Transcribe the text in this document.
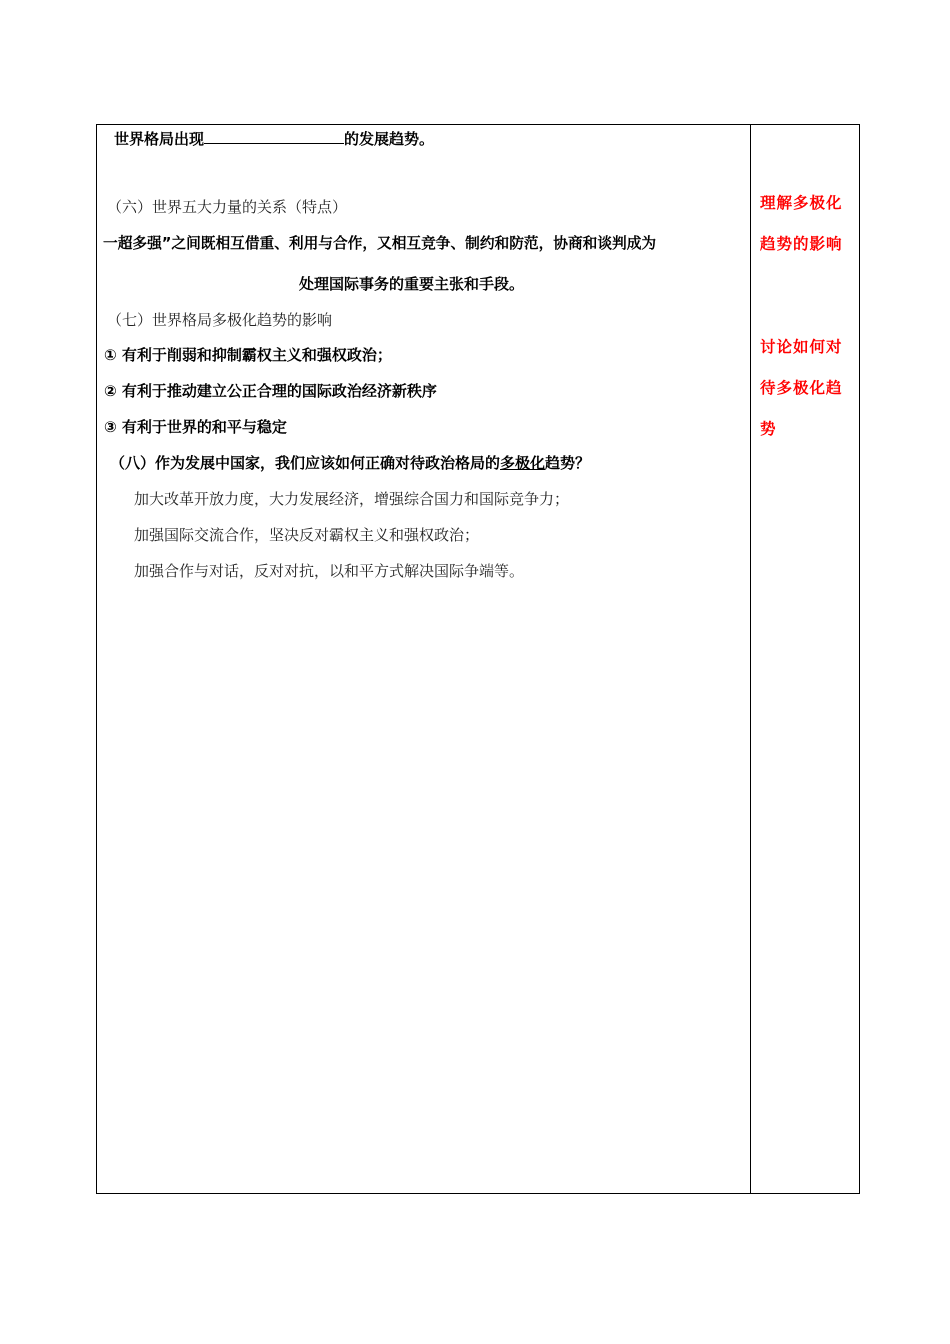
世界格局出现	的发展趋势。
（六）世界五大力量的关系（特点）
一超多强”之间既相互借重、利用与合作，又相互竞争、制约和防范，协商和谈判成为
处理国际事务的重要主张和手段。
（七）世界格局多极化趋势的影响
① 有利于削弱和抑制霸权主义和强权政治；
② 有利于推动建立公正合理的国际政治经济新秩序
③ 有利于世界的和平与稳定
（八）作为发展中国家，我们应该如何正确对待政治格局的多极化趋势？
加大改革开放力度，大力发展经济，增强综合国力和国际竞争力；
加强国际交流合作，坚决反对霸权主义和强权政治；
加强合作与对话，反对对抗，以和平方式解决国际争端等。
理解多极化趋势的影响
讨论如何对待多极化趋势
